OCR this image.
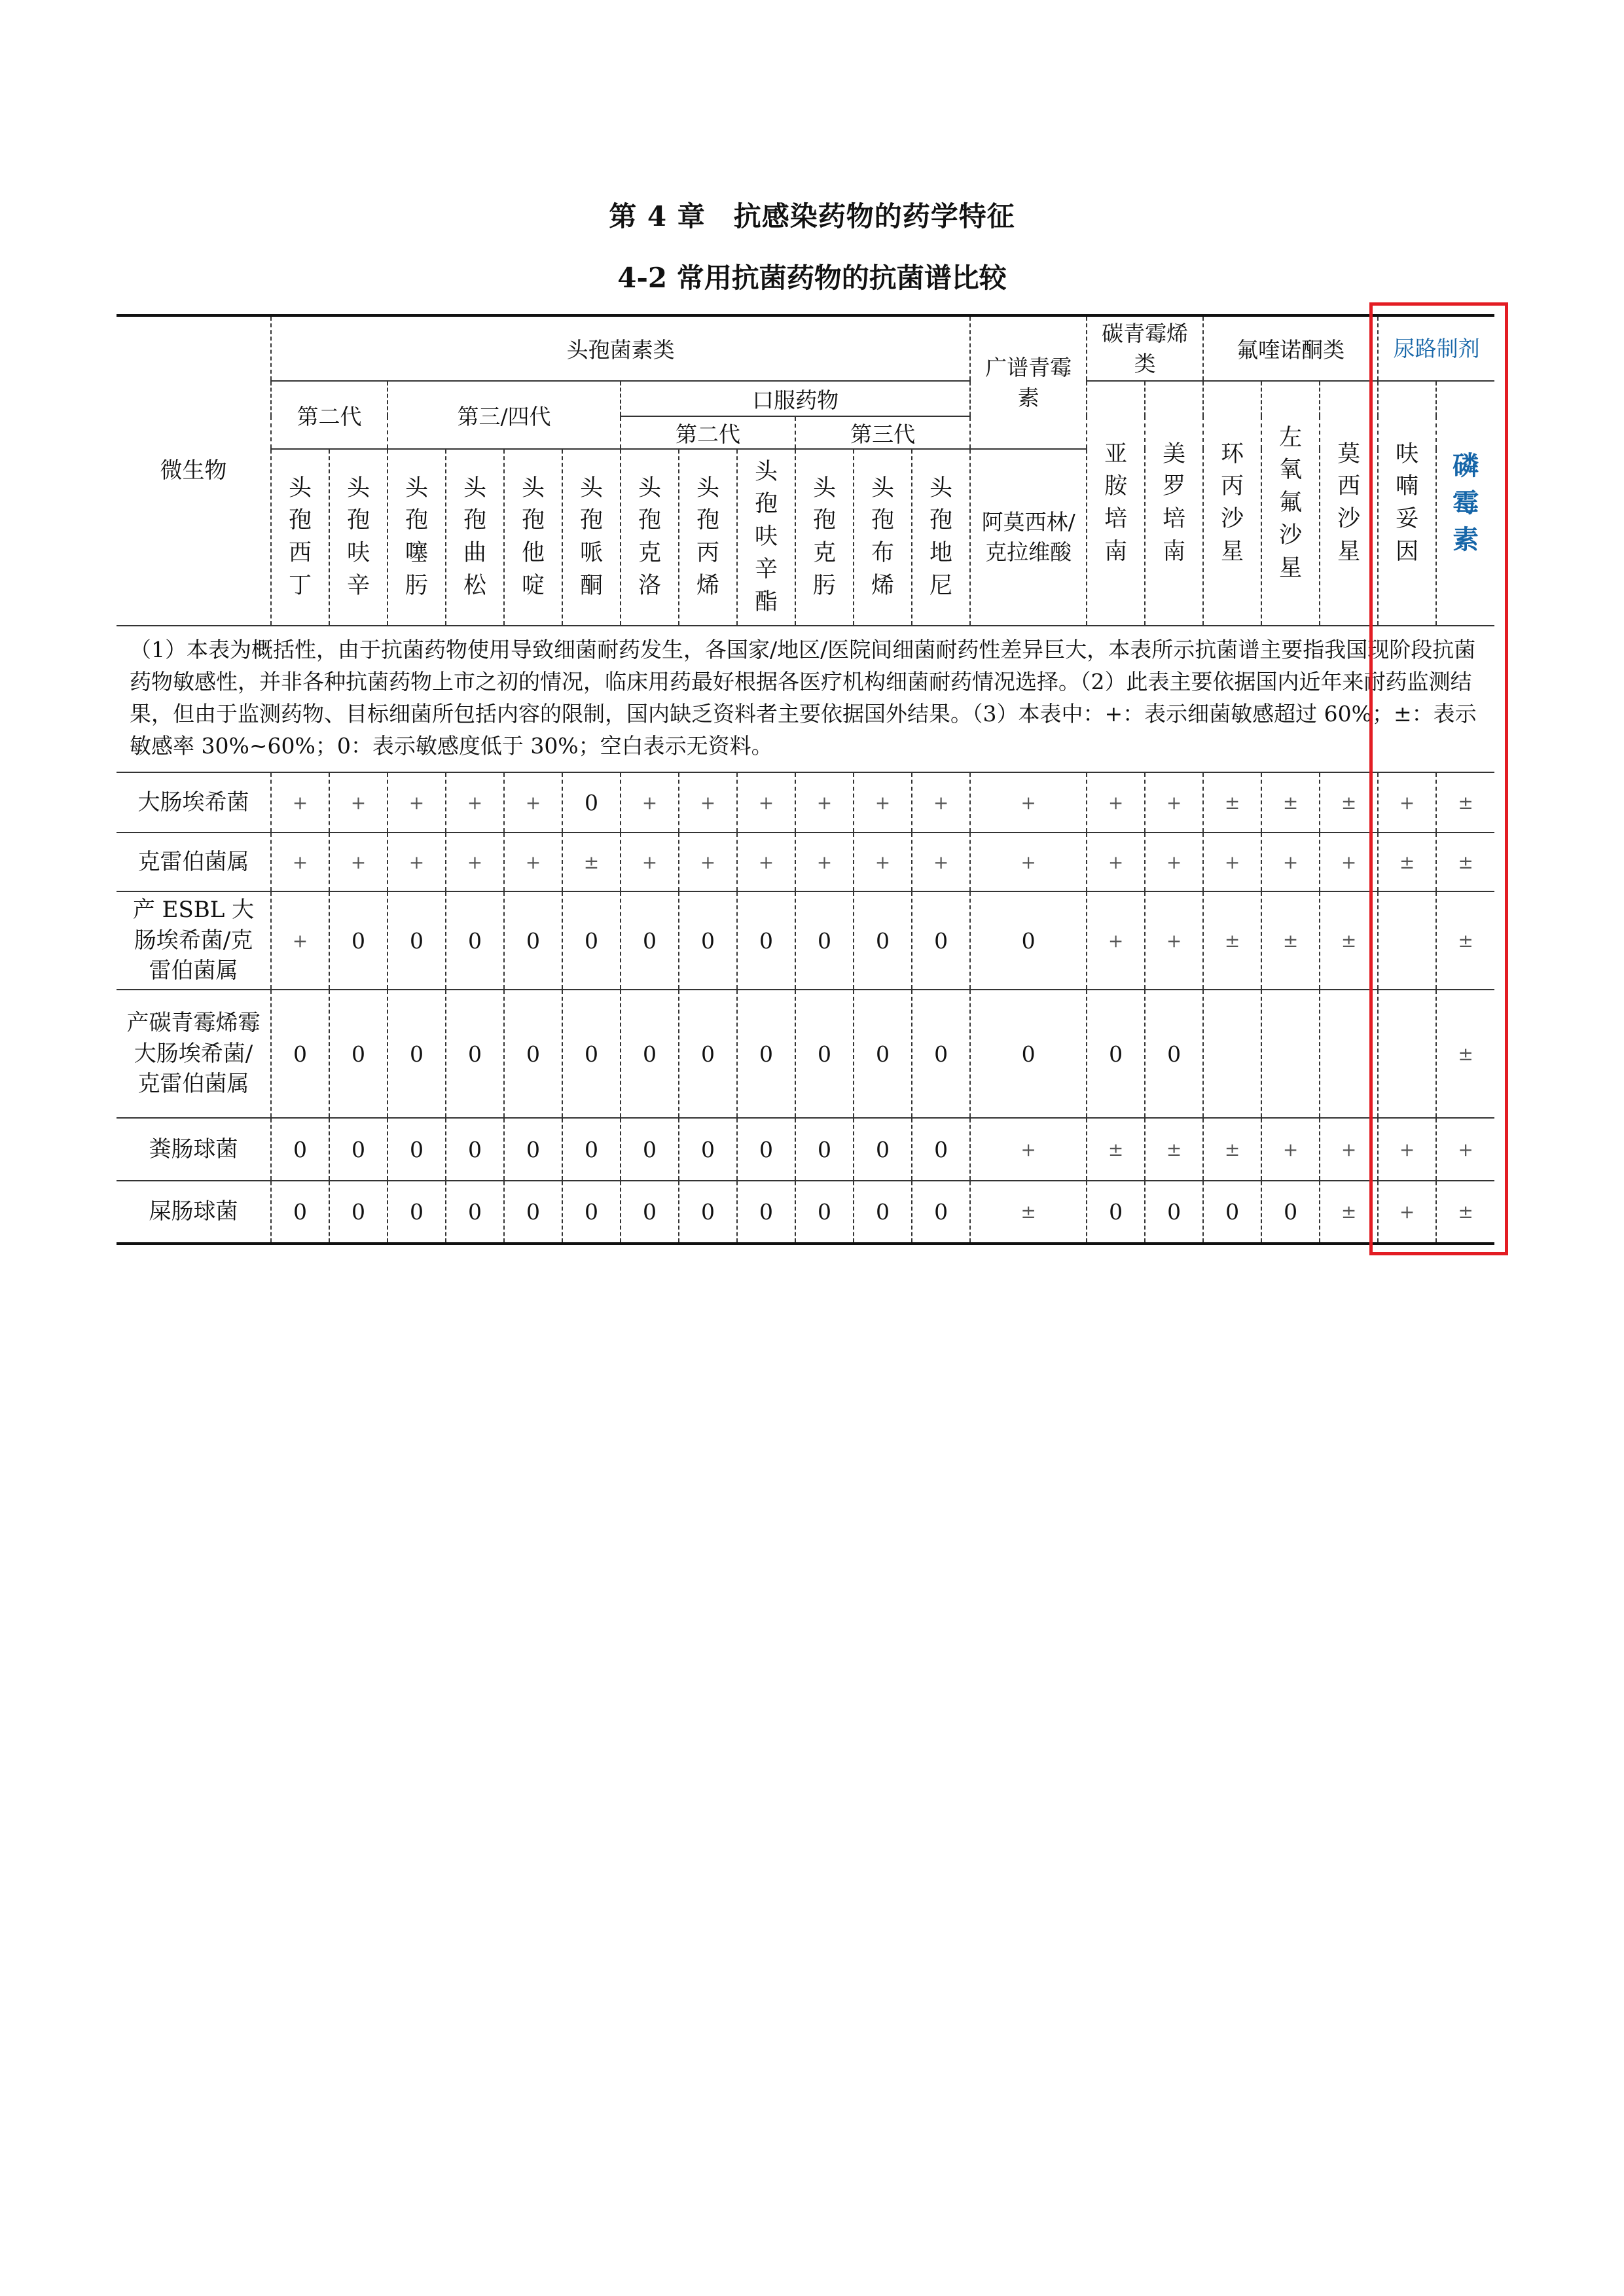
第 4 章　抗感染药物的药学特征
4-2 常用抗菌药物的抗菌谱比较
微生物	头孢菌素类												广谱青霉素	碳青霉烯类		氟喹诺酮类			尿路制剂	

	第二代		第三/四代				口服药物							亚胺培南	美罗培南	环丙沙星	左氧氟沙星	莫西沙星	呋喃妥因	磷霉素
							第二代			第三代										
	头孢西丁	头孢呋辛	头孢噻肟	头孢曲松	头孢他啶	头孢哌酮	头孢克洛	头孢丙烯	头孢呋辛酯	头孢克肟	头孢布烯	头孢地尼	阿莫西林/克拉维酸							

（1）本表为概括性，由于抗菌药物使用导致细菌耐药发生，各国家/地区/医院间细菌耐药性差异巨大，本表所示抗菌谱主要指我国现阶段抗菌药物敏感性，并非各种抗菌药物上市之初的情况，临床用药最好根据各医疗机构细菌耐药情况选择。（2）此表主要依据国内近年来耐药监测结果，但由于监测药物、目标细菌所包括内容的限制，国内缺乏资料者主要依据国外结果。（3）本表中：+：表示细菌敏感超过 60%；±：表示敏感率 30%~60%；0：表示敏感度低于 30%；空白表示无资料。																				

大肠埃希菌	+	+	+	+	+	0	+	+	+	+	+	+	+	+	+	±	±	±	+	±

克雷伯菌属	+	+	+	+	+	±	+	+	+	+	+	+	+	+	+	+	+	+	±	±

产 ESBL 大肠埃希菌/克雷伯菌属	+	0	0	0	0	0	0	0	0	0	0	0	0	+	+	±	±	±		±

产碳青霉烯霉大肠埃希菌/克雷伯菌属	0	0	0	0	0	0	0	0	0	0	0	0	0	0	0					±

粪肠球菌	0	0	0	0	0	0	0	0	0	0	0	0	+	±	±	±	+	+	+	+

屎肠球菌	0	0	0	0	0	0	0	0	0	0	0	0	±	0	0	0	0	±	+	±
